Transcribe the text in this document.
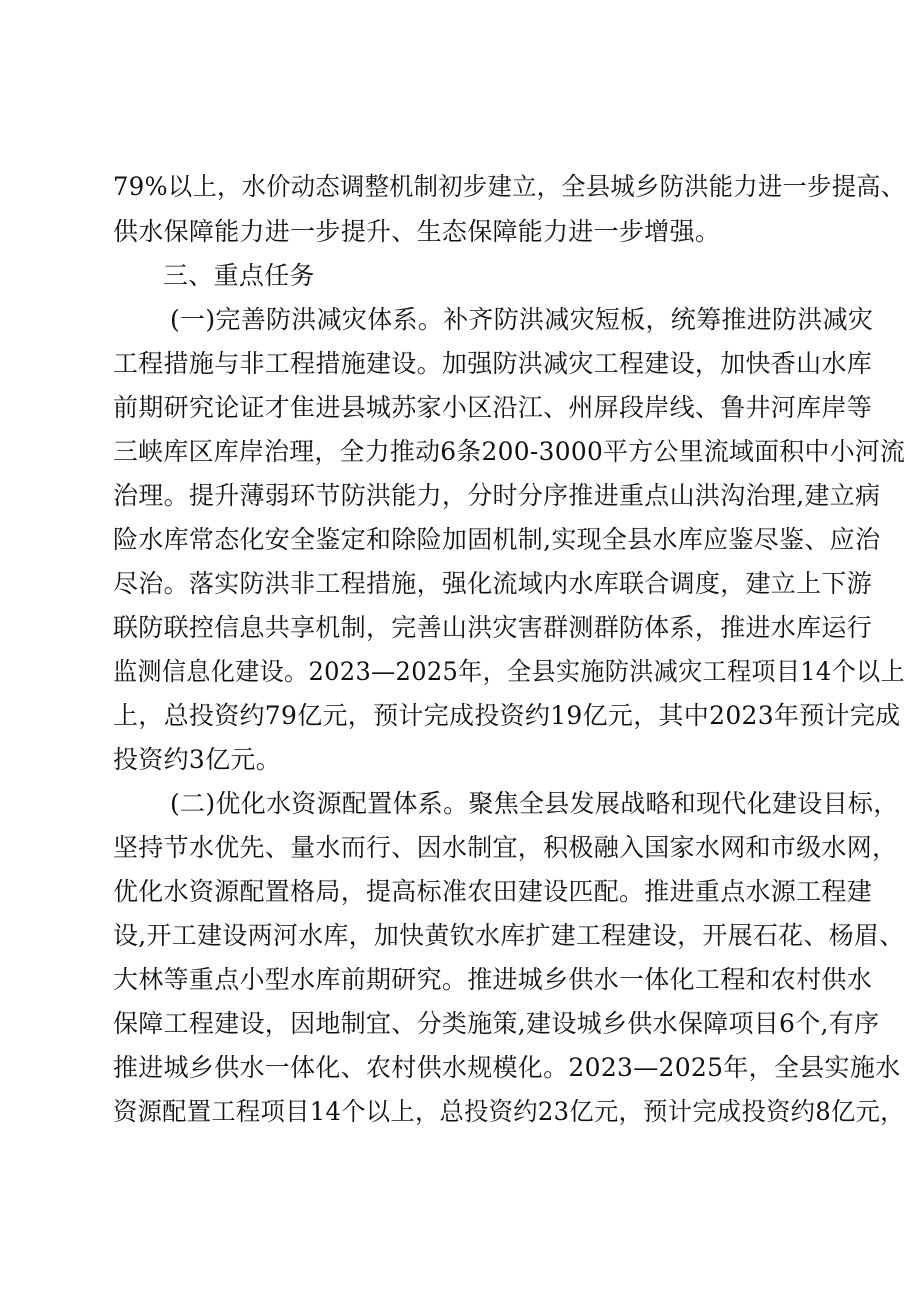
79%以上，水价动态调整机制初步建立，全县城乡防洪能力进一步提高、
供水保障能力进一步提升、生态保障能力进一步增强。
三、重点任务
(一)完善防洪减灾体系。补齐防洪减灾短板，统筹推进防洪减灾
工程措施与非工程措施建设。加强防洪减灾工程建设，加快香山水库
前期研究论证才隹进县城苏家小区沿江、州屏段岸线、鲁井河库岸等
三峡库区库岸治理，全力推动6条200-3000平方公里流域面积中小河流
治理。提升薄弱环节防洪能力，分时分序推进重点山洪沟治理,建立病
险水库常态化安全鉴定和除险加固机制,实现全县水库应鉴尽鉴、应治
尽治。落实防洪非工程措施，强化流域内水库联合调度，建立上下游
联防联控信息共享机制，完善山洪灾害群测群防体系，推进水库运行
监测信息化建设。2023—2025年，全县实施防洪减灾工程项目14个以上
上，总投资约79亿元，预计完成投资约19亿元，其中2023年预计完成
投资约3亿元。
(二)优化水资源配置体系。聚焦全县发展战略和现代化建设目标，
坚持节水优先、量水而行、因水制宜，积极融入国家水网和市级水网，
优化水资源配置格局，提高标准农田建设匹配。推进重点水源工程建
设,开工建设两河水库，加快黄钦水库扩建工程建设，开展石花、杨眉、
大林等重点小型水库前期研究。推进城乡供水一体化工程和农村供水
保障工程建设，因地制宜、分类施策,建设城乡供水保障项目6个,有序
推进城乡供水一体化、农村供水规模化。2023—2025年，全县实施水
资源配置工程项目14个以上，总投资约23亿元，预计完成投资约8亿元，
